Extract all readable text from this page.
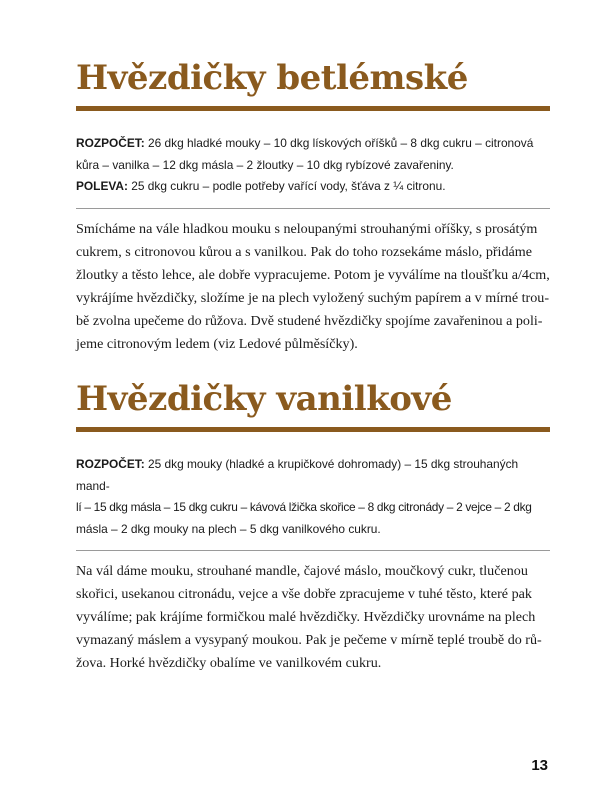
Hvězdičky betlémské
ROZPOČET: 26 dkg hladké mouky – 10 dkg lískových oříšků – 8 dkg cukru – citronová
kůra – vanilka – 12 dkg másla – 2 žloutky – 10 dkg rybízové zavařeniny.
POLEVA: 25 dkg cukru – podle potřeby vařící vody, šťáva z ¼ citronu.
Smícháme na vále hladkou mouku s neloupanými strouhanými oříšky, s prosátým
cukrem, s citronovou kůrou a s vanilkou. Pak do toho rozsekáme máslo, přidáme
žloutky a těsto lehce, ale dobře vypracujeme. Potom je vyválíme na tloušťku a/4cm,
vykrájíme hvězdičky, složíme je na plech vyložený suchým papírem a v mírné trou-
bě zvolna upečeme do růžova. Dvě studené hvězdičky spojíme zavařeninou a poli-
jeme citronovým ledem (viz Ledové půlměsíčky).
Hvězdičky vanilkové
ROZPOČET: 25 dkg mouky (hladké a krupičkové dohromady) – 15 dkg strouhaných mand-
lí – 15 dkg másla – 15 dkg cukru – kávová lžička skořice – 8 dkg citronády – 2 vejce – 2 dkg
másla – 2 dkg mouky na plech – 5 dkg vanilkového cukru.
Na vál dáme mouku, strouhané mandle, čajové máslo, moučkový cukr, tlučenou
skořici, usekanou citronádu, vejce a vše dobře zpracujeme v tuhé těsto, které pak
vyválíme; pak krájíme formičkou malé hvězdičky. Hvězdičky urovnáme na plech
vymazaný máslem a vysypaný moukou. Pak je pečeme v mírně teplé troubě do rů-
žova. Horké hvězdičky obalíme ve vanilkovém cukru.
13
